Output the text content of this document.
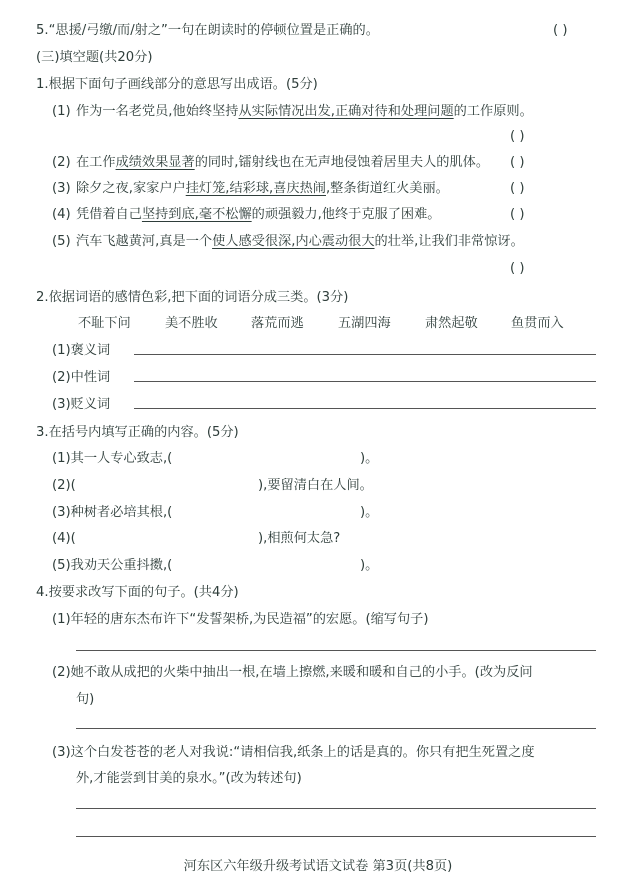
5.“思援/弓缴/而/射之”一句在朗读时的停顿位置是正确的。	( )
(三)填空题(共20分)
1.根据下面句子画线部分的意思写出成语。(5分)
(1) 作为一名老党员,他始终坚持从实际情况出发,正确对待和处理问题的工作原则。
( )
(2) 在工作成绩效果显著的同时,镭射线也在无声地侵蚀着居里夫人的肌体。 ( )
(3) 除夕之夜,家家户户挂灯笼,结彩球,喜庆热闹,整条街道红火美丽。	( )
(4) 凭借着自己坚持到底,毫不松懈的顽强毅力,他终于克服了困难。	( )
(5) 汽车飞越黄河,真是一个使人感受很深,内心震动很大的壮举,让我们非常惊讶。
( )
2.依据词语的感情色彩,把下面的词语分成三类。(3分)
不耻下问	美不胜收	落荒而逃	五湖四海	肃然起敬	鱼贯而入
(1)褒义词
(2)中性词
(3)贬义词
3.在括号内填写正确的内容。(5分)
(1)其一人专心致志,(	)。
(2)(	),要留清白在人间。
(3)种树者必培其根,(	)。
(4)(	),相煎何太急?
(5)我劝天公重抖擞,(	)。
4.按要求改写下面的句子。(共4分)
(1)年轻的唐东杰布许下“发誓架桥,为民造福”的宏愿。(缩写句子)
(2)她不敢从成把的火柴中抽出一根,在墙上擦燃,来暖和暖和自己的小手。(改为反问
句)
(3)这个白发苍苍的老人对我说:“请相信我,纸条上的话是真的。你只有把生死置之度
外,才能尝到甘美的泉水。”(改为转述句)
河东区六年级升级考试语文试卷 第3页(共8页)
